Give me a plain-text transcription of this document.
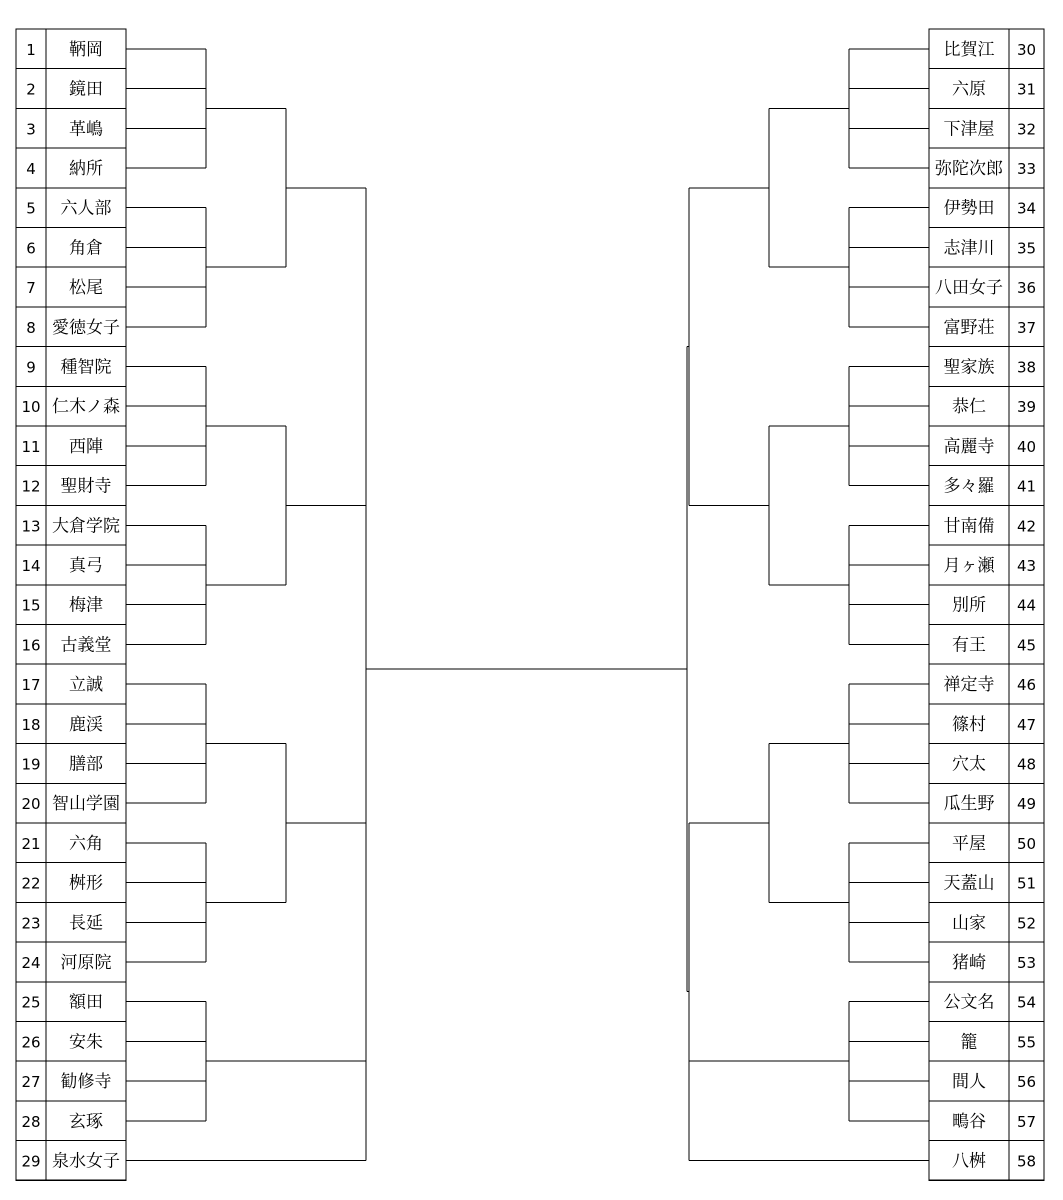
1 鞆岡
2 鏡田
3 革嶋
4 納所
5 六人部
6 角倉
7 松尾
8 愛徳女子
9 種智院
10 仁木ノ森
11 西陣
12 聖財寺
13 大倉学院
14 真弓
15 梅津
16 古義堂
17 立誠
18 鹿渓
19 膳部
20 智山学園
21 六角
22 桝形
23 長延
24 河原院
25 額田
26 安朱
27 勧修寺
28 玄琢
29 泉水女子
30
比賀江
31
六原
32
下津屋
33
弥陀次郎
34
伊勢田
35
志津川
36
八田女子
37
富野荘
38
聖家族
39
恭仁
40
高麗寺
41
多々羅
42
甘南備
43
月ヶ瀬
44
別所
45
有王
46
禅定寺
47
篠村
48
穴太
49
瓜生野
50
平屋
51
天蓋山
52
山家
53
猪崎
54
公文名
55
籠
56
間人
57
鴫谷
58
八桝
